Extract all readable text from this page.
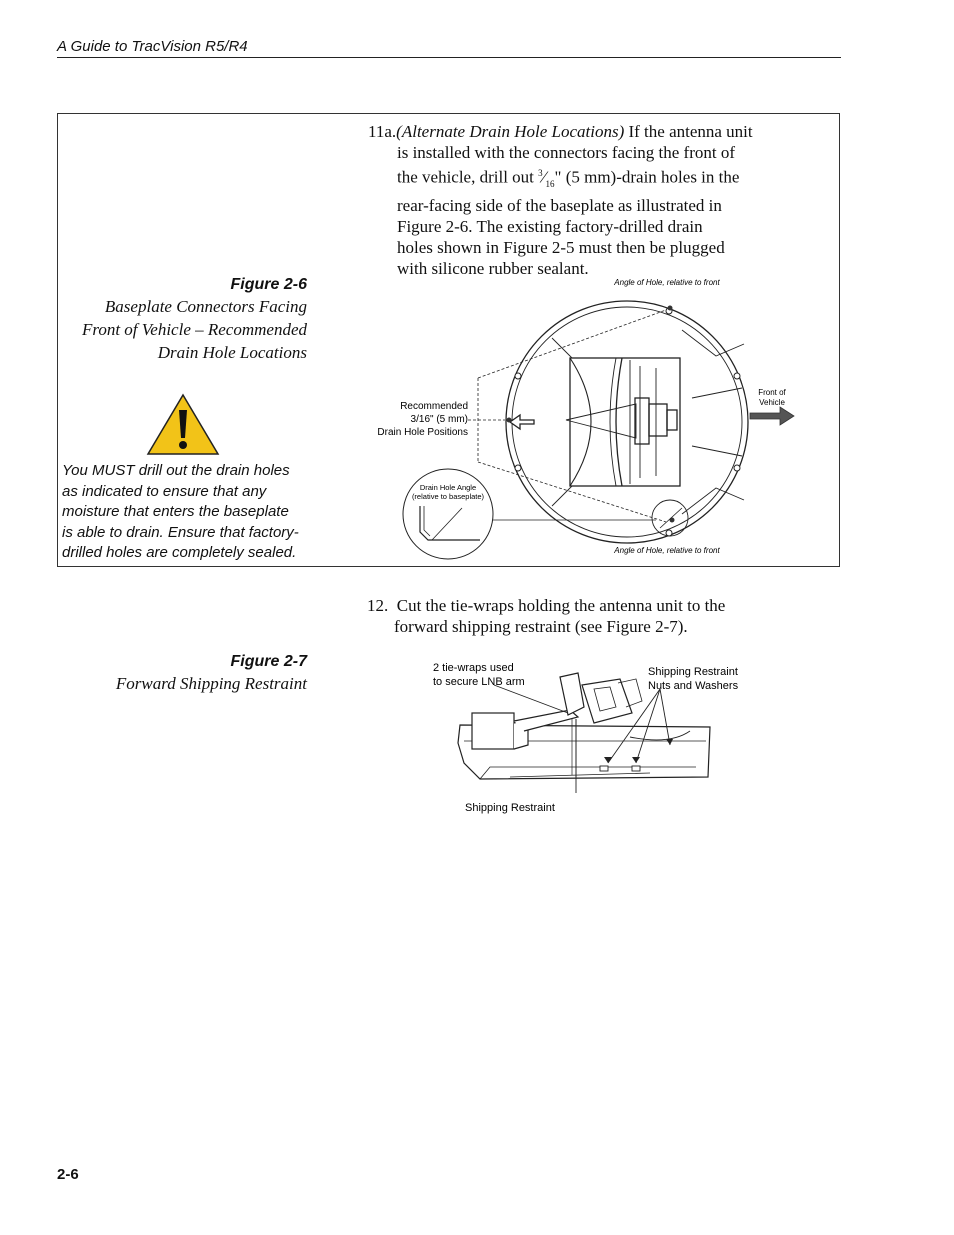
A Guide to TracVision R5/R4
11a.(Alternate Drain Hole Locations) If the antenna unit
is installed with the connectors facing the front of
the vehicle, drill out $^3⁄_{16}$" (5 mm)-drain holes in the
rear-facing side of the baseplate as illustrated in
Figure 2-6. The existing factory-drilled drain
holes shown in Figure 2-5 must then be plugged
with silicone rubber sealant.
Figure 2-6
Baseplate Connectors Facing
Front of Vehicle – Recommended
Drain Hole Locations
You MUST drill out the drain holes
as indicated to ensure that any
moisture that enters the baseplate
is able to drain. Ensure that factory-
drilled holes are completely sealed.
Angle of Hole, relative to front
Angle of Hole, relative to front
Front of
Vehicle
Recommended
3/16" (5 mm)
Drain Hole Positions
Drain Hole Angle
(relative to baseplate)
12. Cut the tie-wraps holding the antenna unit to the
forward shipping restraint (see Figure 2-7).
Figure 2-7
Forward Shipping Restraint
2 tie-wraps used
to secure LNB arm
Shipping Restraint
Nuts and Washers
Shipping Restraint
2-6
